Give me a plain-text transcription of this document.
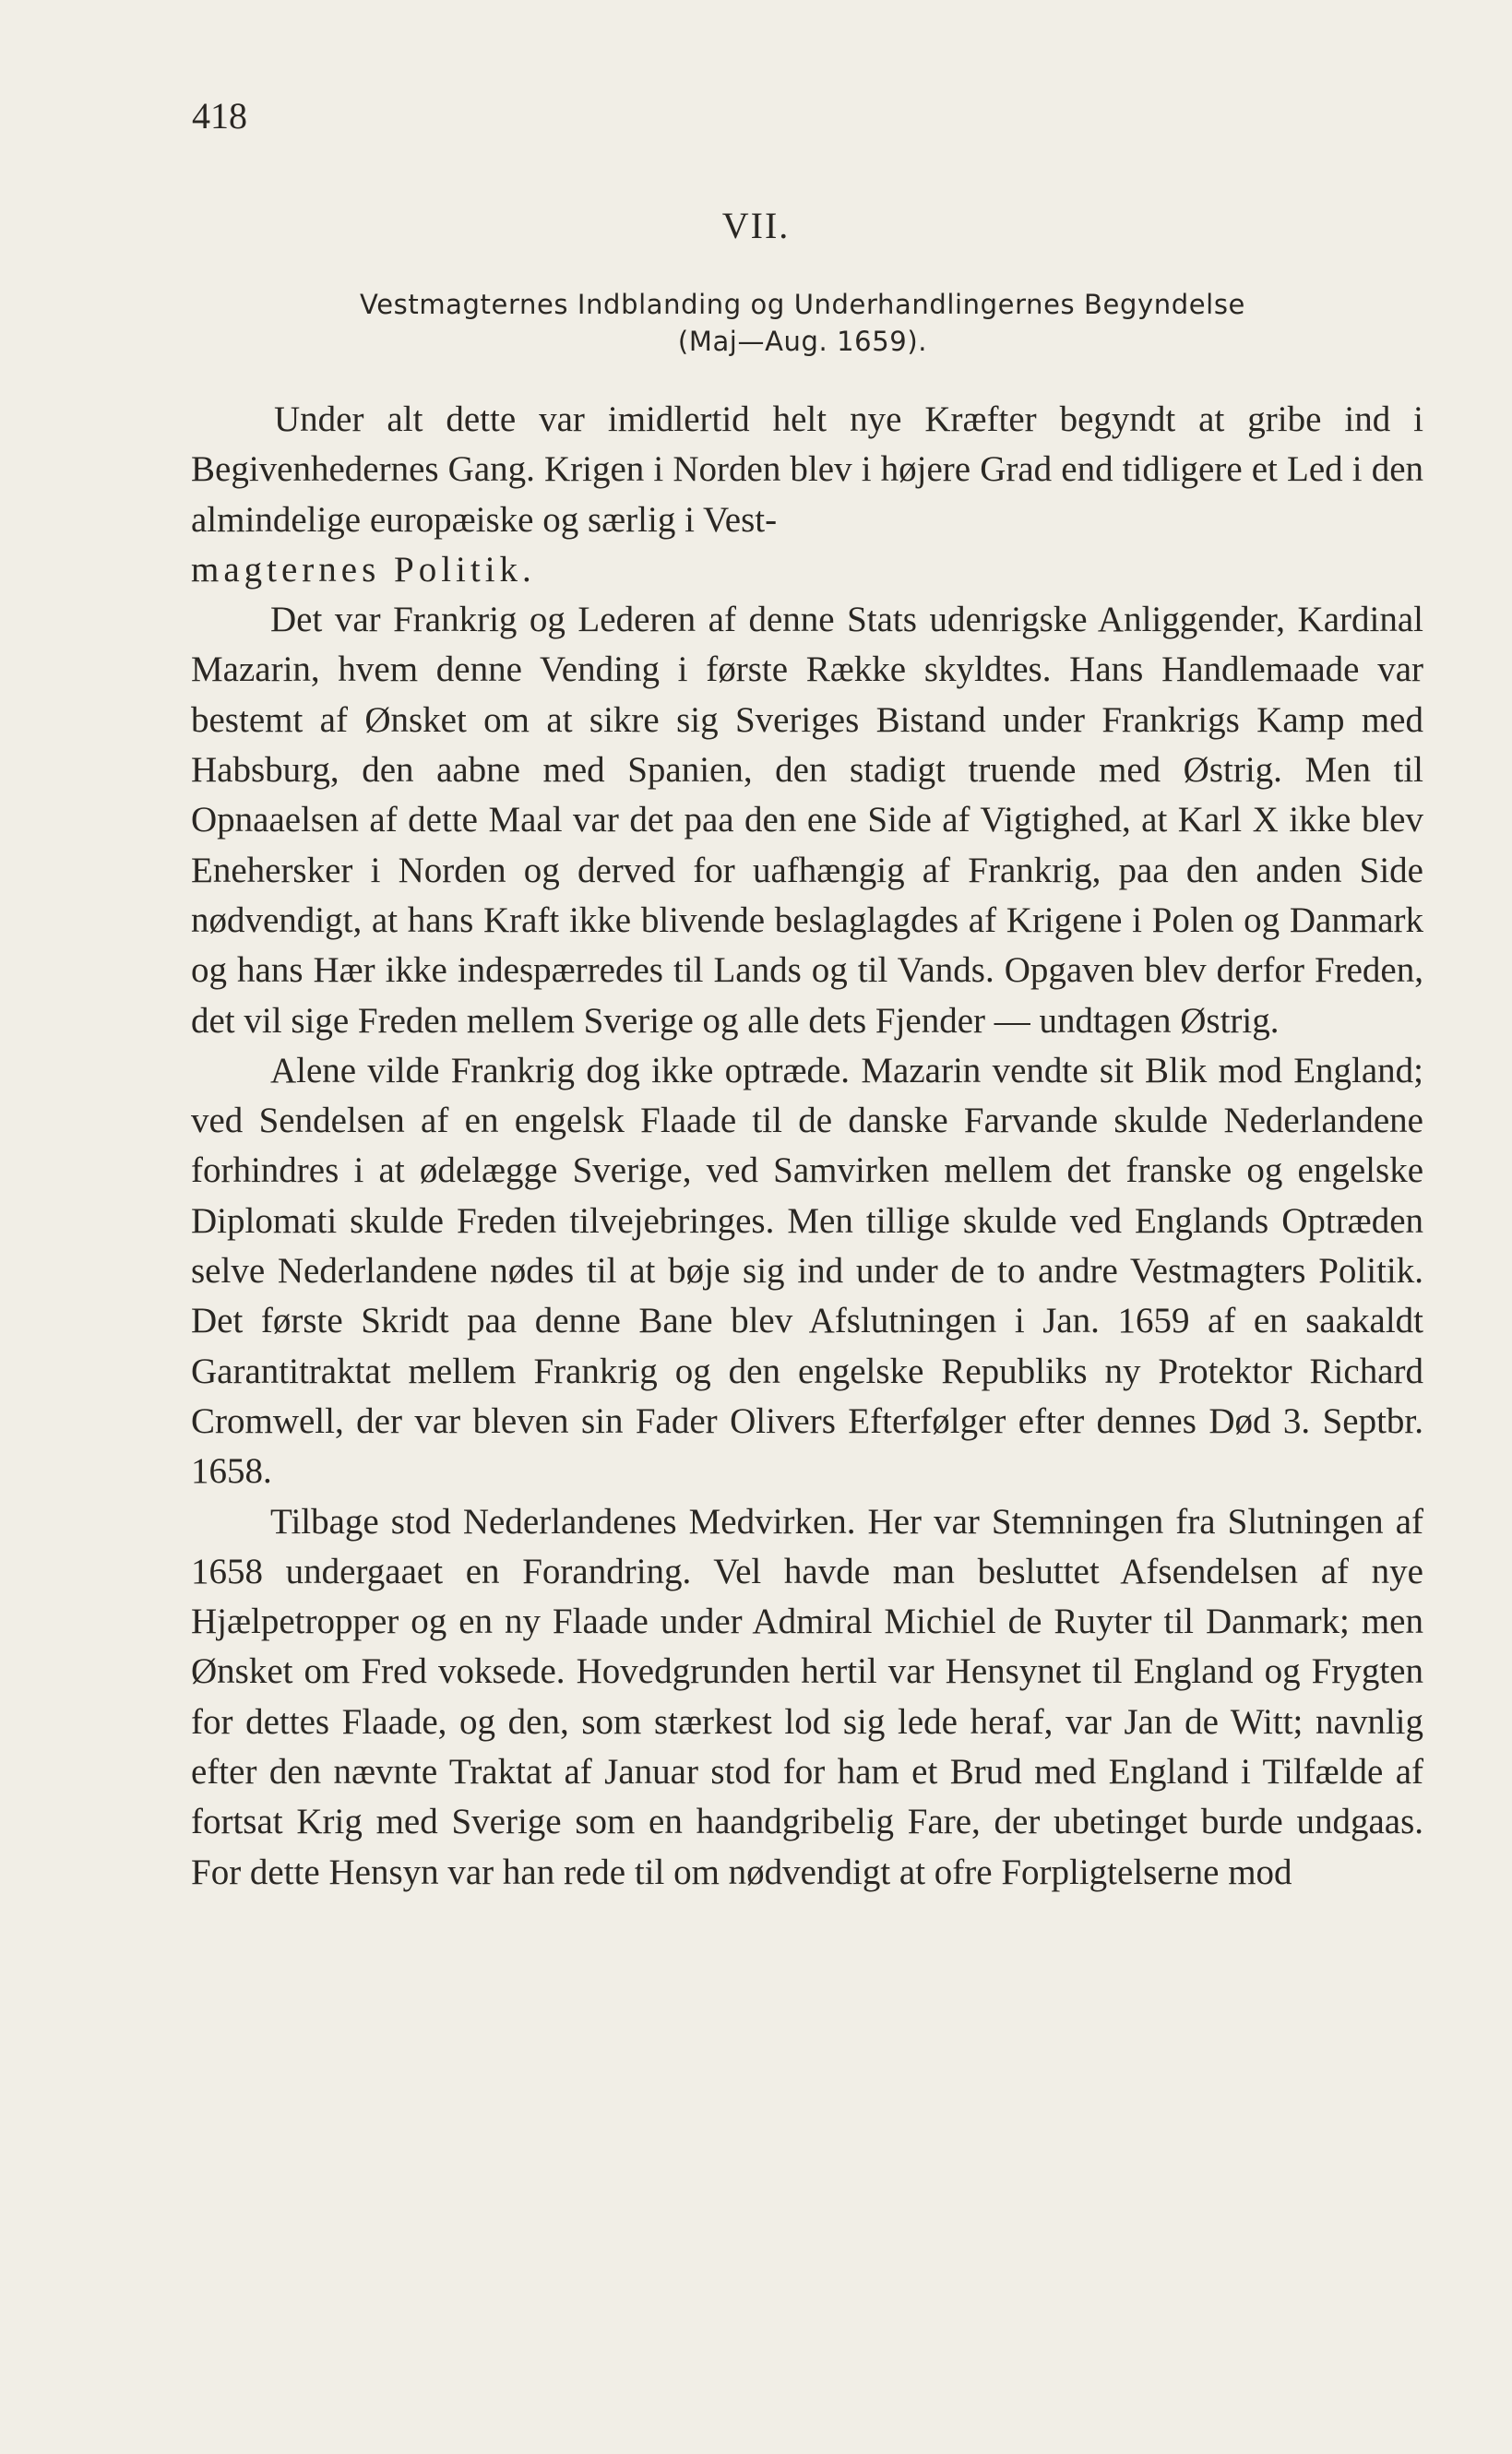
418
VII.
Vestmagternes Indblanding og Underhandlingernes Begyndelse
(Maj—Aug. 1659).

Under alt dette var imidlertid helt nye Kræfter begyndt at gribe ind i Begivenhedernes Gang. Krigen i Norden blev i højere Grad end tidligere et Led i den almindelige europæiske og særlig i Vest-
magternes Politik.

Det var Frankrig og Lederen af denne Stats udenrigske Anliggender, Kardinal Mazarin, hvem denne Vending i første Række skyldtes. Hans Handlemaade var bestemt af Ønsket om at sikre sig Sveriges Bistand under Frankrigs Kamp med Habsburg, den aabne med Spanien, den stadigt truende med Østrig. Men til Opnaaelsen af dette Maal var det paa den ene Side af Vigtighed, at Karl X ikke blev Enehersker i Norden og derved for uafhængig af Frankrig, paa den anden Side nødvendigt, at hans Kraft ikke blivende beslaglagdes af Krigene i Polen og Danmark og hans Hær ikke indespærredes til Lands og til Vands. Opgaven blev derfor Freden, det vil sige Freden mellem Sverige og alle dets Fjender — undtagen Østrig.

Alene vilde Frankrig dog ikke optræde. Mazarin vendte sit Blik mod England; ved Sendelsen af en engelsk Flaade til de danske Farvande skulde Nederlandene forhindres i at ødelægge Sverige, ved Samvirken mellem det franske og engelske Diplomati skulde Freden tilvejebringes. Men tillige skulde ved Englands Optræden selve Nederlandene nødes til at bøje sig ind under de to andre Vestmagters Politik. Det første Skridt paa denne Bane blev Afslutningen i Jan. 1659 af en saakaldt Garantitraktat mellem Frankrig og den engelske Republiks ny Protektor Richard Cromwell, der var bleven sin Fader Olivers Efterfølger efter dennes Død 3. Septbr. 1658.

Tilbage stod Nederlandenes Medvirken. Her var Stemningen fra Slutningen af 1658 undergaaet en Forandring. Vel havde man besluttet Afsendelsen af nye Hjælpetropper og en ny Flaade under Admiral Michiel de Ruyter til Danmark; men Ønsket om Fred voksede. Hovedgrunden hertil var Hensynet til England og Frygten for dettes Flaade, og den, som stærkest lod sig lede heraf, var Jan de Witt; navnlig efter den nævnte Traktat af Januar stod for ham et Brud med England i Tilfælde af fortsat Krig med Sverige som en haandgribelig Fare, der ubetinget burde undgaas. For dette Hensyn var han rede til om nødvendigt at ofre Forpligtelserne mod
